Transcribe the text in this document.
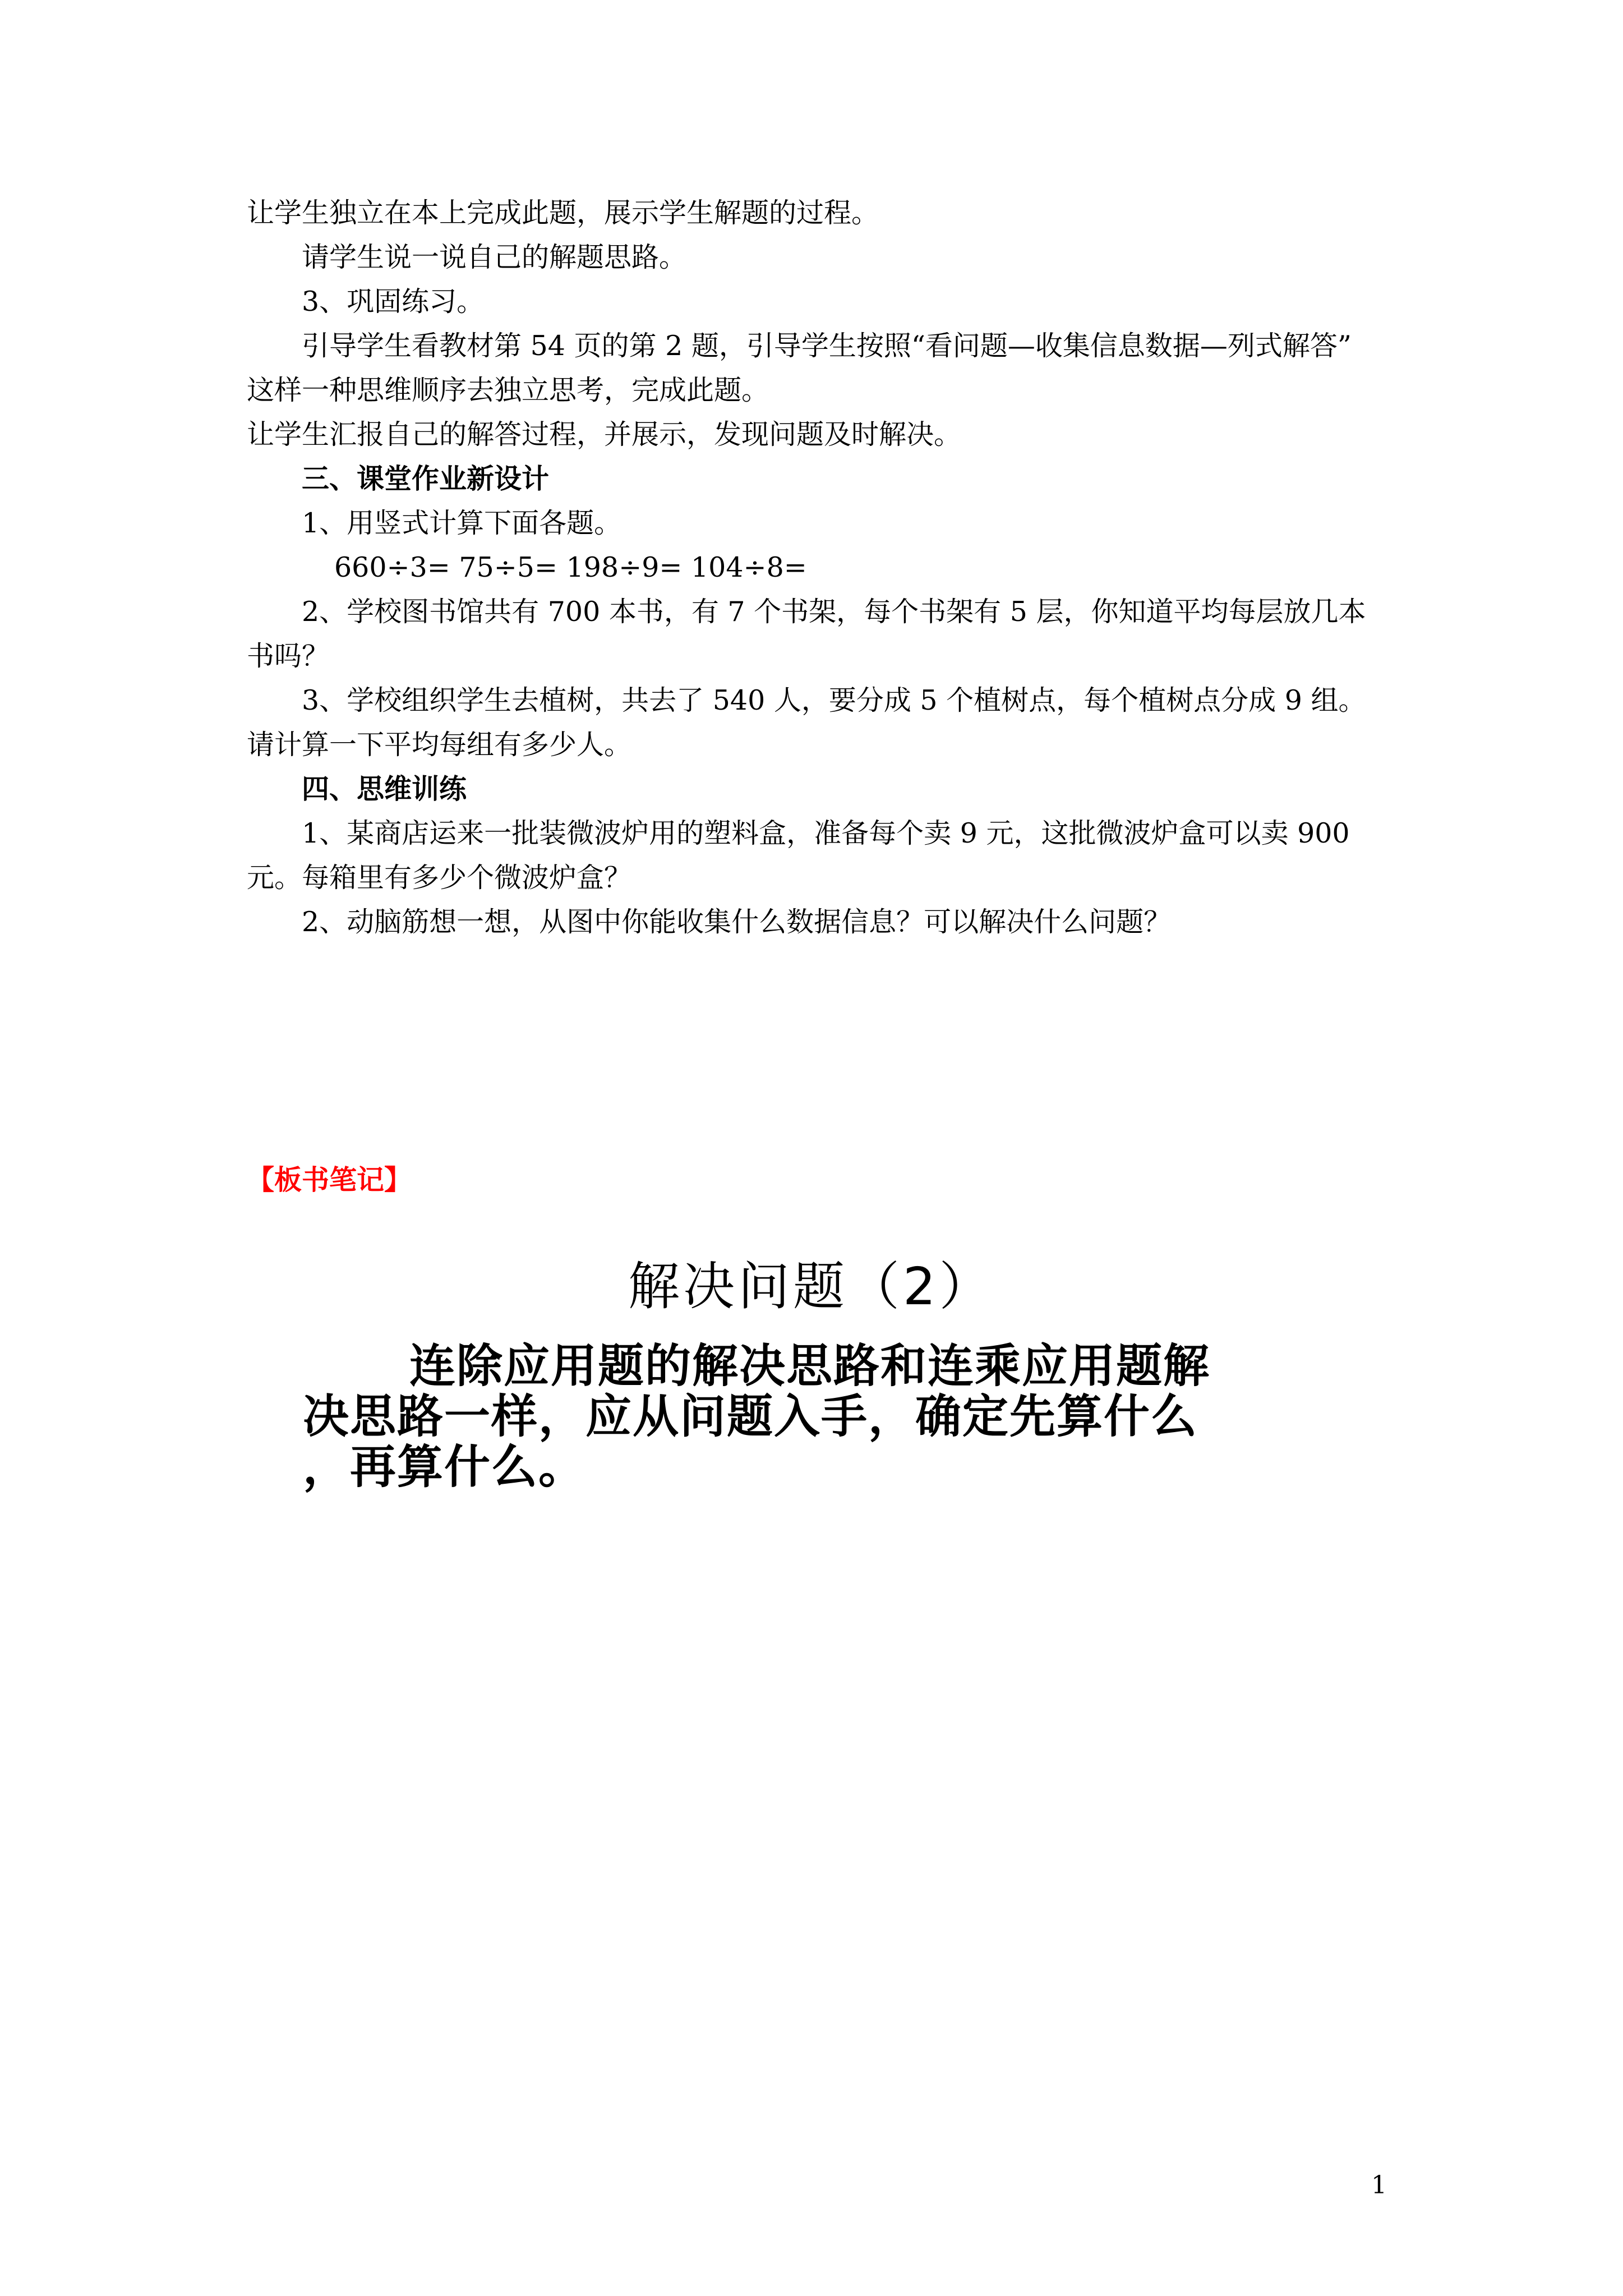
让学生独立在本上完成此题，展示学生解题的过程。

请学生说一说自己的解题思路。

3、巩固练习。

引导学生看教材第 54 页的第 2 题，引导学生按照“看问题—收集信息数据—列式解答”

这样一种思维顺序去独立思考，完成此题。

让学生汇报自己的解答过程，并展示，发现问题及时解决。

三、课堂作业新设计

1、用竖式计算下面各题。

660÷3= 75÷5= 198÷9= 104÷8=

2、学校图书馆共有 700 本书，有 7 个书架，每个书架有 5 层，你知道平均每层放几本

书吗？

3、学校组织学生去植树，共去了 540 人，要分成 5 个植树点，每个植树点分成 9 组。

请计算一下平均每组有多少人。

四、思维训练

1、某商店运来一批装微波炉用的塑料盒，准备每个卖 9 元，这批微波炉盒可以卖 900

元。每箱里有多少个微波炉盒？

2、动脑筋想一想，从图中你能收集什么数据信息？可以解决什么问题？

【板书笔记】
解决问题（2）
连除应用题的解决思路和连乘应用题解
决思路一样，应从问题入手，确定先算什么
，再算什么。
1
